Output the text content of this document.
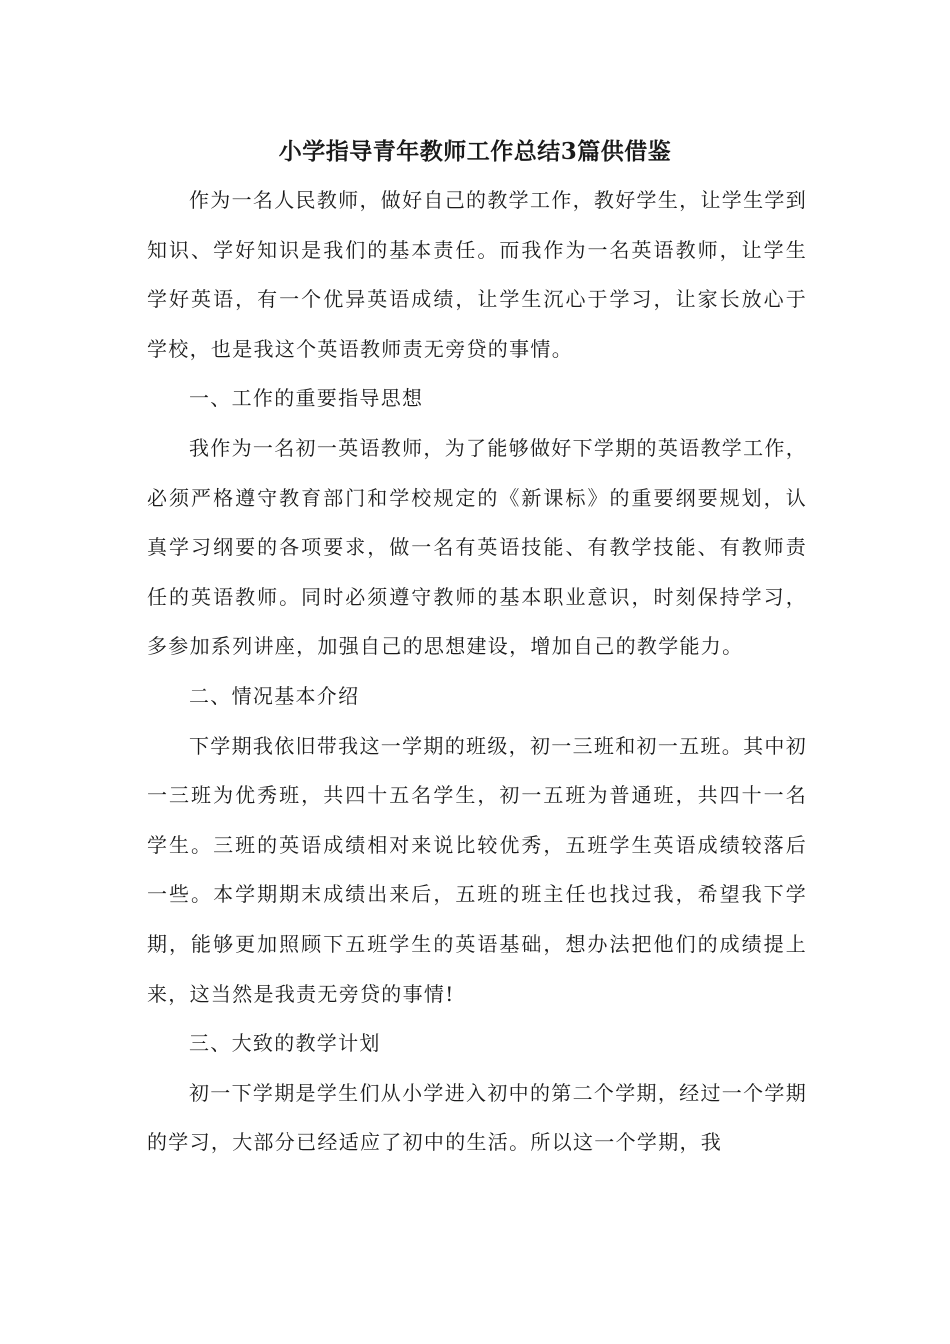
小学指导青年教师工作总结3篇供借鉴

作为一名人民教师，做好自己的教学工作，教好学生，让学生学到知识、学好知识是我们的基本责任。而我作为一名英语教师，让学生学好英语，有一个优异英语成绩，让学生沉心于学习，让家长放心于学校，也是我这个英语教师责无旁贷的事情。

一、工作的重要指导思想

我作为一名初一英语教师，为了能够做好下学期的英语教学工作，必须严格遵守教育部门和学校规定的《新课标》的重要纲要规划，认真学习纲要的各项要求，做一名有英语技能、有教学技能、有教师责任的英语教师。同时必须遵守教师的基本职业意识，时刻保持学习，多参加系列讲座，加强自己的思想建设，增加自己的教学能力。

二、情况基本介绍

下学期我依旧带我这一学期的班级，初一三班和初一五班。其中初一三班为优秀班，共四十五名学生，初一五班为普通班，共四十一名学生。三班的英语成绩相对来说比较优秀，五班学生英语成绩较落后一些。本学期期末成绩出来后，五班的班主任也找过我，希望我下学期，能够更加照顾下五班学生的英语基础，想办法把他们的成绩提上来，这当然是我责无旁贷的事情!

三、大致的教学计划

初一下学期是学生们从小学进入初中的第二个学期，经过一个学期的学习，大部分已经适应了初中的生活。所以这一个学期，我
